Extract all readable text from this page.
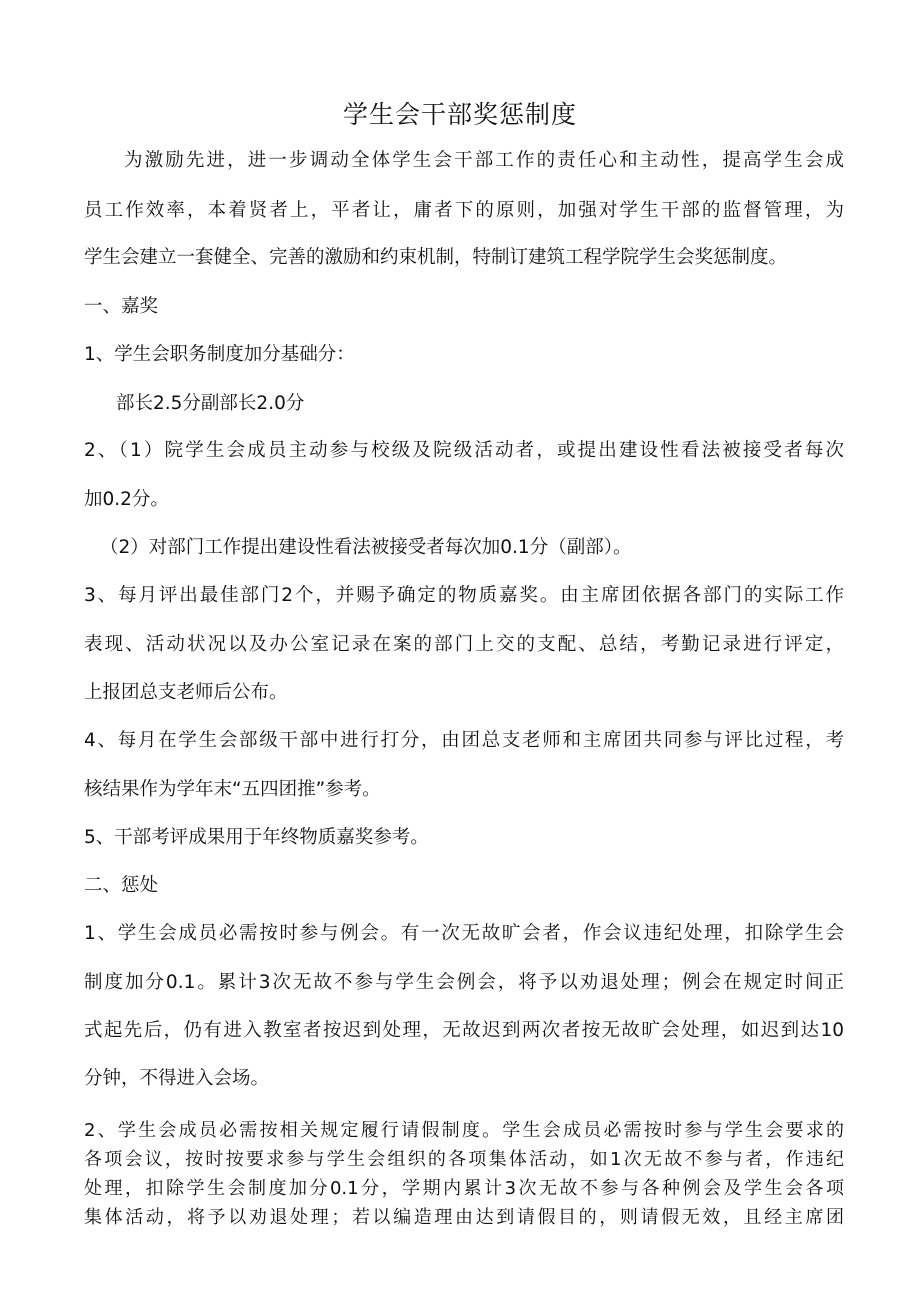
学生会干部奖惩制度
为激励先进，进一步调动全体学生会干部工作的责任心和主动性，提高学生会成
员工作效率，本着贤者上，平者让，庸者下的原则，加强对学生干部的监督管理，为
学生会建立一套健全、完善的激励和约束机制，特制订建筑工程学院学生会奖惩制度。
一、嘉奖
1、学生会职务制度加分基础分：
部长2.5分副部长2.0分
2、（1）院学生会成员主动参与校级及院级活动者，或提出建设性看法被接受者每次
加0.2分。
（2）对部门工作提出建设性看法被接受者每次加0.1分（副部）。
3、每月评出最佳部门2个，并赐予确定的物质嘉奖。由主席团依据各部门的实际工作
表现、活动状况以及办公室记录在案的部门上交的支配、总结，考勤记录进行评定，
上报团总支老师后公布。
4、每月在学生会部级干部中进行打分，由团总支老师和主席团共同参与评比过程，考
核结果作为学年末“五四团推”参考。
5、干部考评成果用于年终物质嘉奖参考。
二、惩处
1、学生会成员必需按时参与例会。有一次无故旷会者，作会议违纪处理，扣除学生会
制度加分0.1。累计3次无故不参与学生会例会，将予以劝退处理；例会在规定时间正
式起先后，仍有进入教室者按迟到处理，无故迟到两次者按无故旷会处理，如迟到达10
分钟，不得进入会场。
2、学生会成员必需按相关规定履行请假制度。学生会成员必需按时参与学生会要求的
各项会议，按时按要求参与学生会组织的各项集体活动，如1次无故不参与者，作违纪
处理，扣除学生会制度加分0.1分，学期内累计3次无故不参与各种例会及学生会各项
集体活动，将予以劝退处理；若以编造理由达到请假目的，则请假无效，且经主席团
